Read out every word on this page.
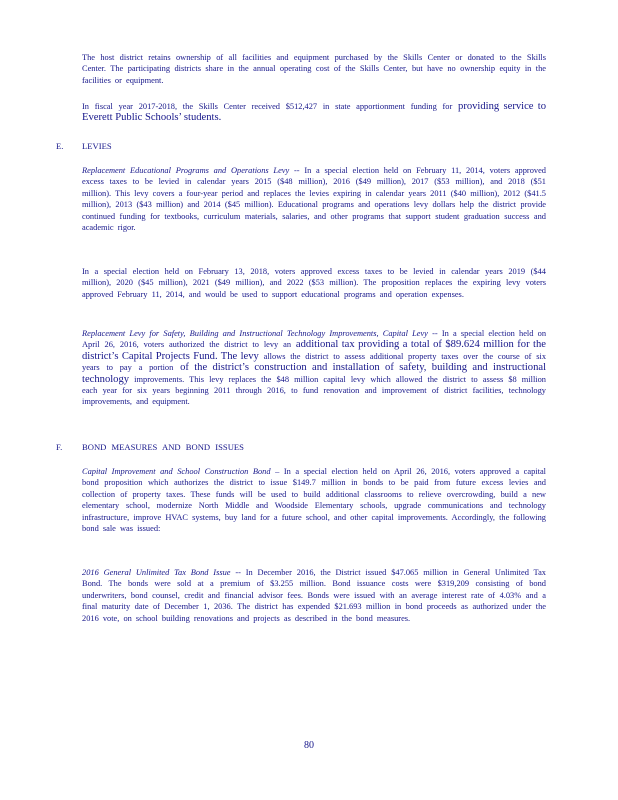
The host district retains ownership of all facilities and equipment purchased by the Skills Center or donated to the Skills Center. The participating districts share in the annual operating cost of the Skills Center, but have no ownership equity in the facilities or equipment.

In fiscal year 2017-2018, the Skills Center received $512,427 in state apportionment funding for providing service to Everett Public Schools’ students.

E. LEVIES

Replacement Educational Programs and Operations Levy -- In a special election held on February 11, 2014, voters approved excess taxes to be levied in calendar years 2015 ($48 million), 2016 ($49 million), 2017 ($53 million), and 2018 ($51 million). This levy covers a four-year period and replaces the levies expiring in calendar years 2011 ($40 million), 2012 ($41.5 million), 2013 ($43 million) and 2014 ($45 million). Educational programs and operations levy dollars help the district provide continued funding for textbooks, curriculum materials, salaries, and other programs that support student graduation success and academic rigor.

In a special election held on February 13, 2018, voters approved excess taxes to be levied in calendar years 2019 ($44 million), 2020 ($45 million), 2021 ($49 million), and 2022 ($53 million). The proposition replaces the expiring levy voters approved February 11, 2014, and would be used to support educational programs and operation expenses.

Replacement Levy for Safety, Building and Instructional Technology Improvements, Capital Levy -- In a special election held on April 26, 2016, voters authorized the district to levy an additional tax providing a total of $89.624 million for the district’s Capital Projects Fund. The levy allows the district to assess additional property taxes over the course of six years to pay a portion of the district’s construction and installation of safety, building and instructional technology improvements. This levy replaces the $48 million capital levy which allowed the district to assess $8 million each year for six years beginning 2011 through 2016, to fund renovation and improvement of district facilities, technology improvements, and equipment.

F. BOND MEASURES AND BOND ISSUES

Capital Improvement and School Construction Bond – In a special election held on April 26, 2016, voters approved a capital bond proposition which authorizes the district to issue $149.7 million in bonds to be paid from future excess levies and collection of property taxes. These funds will be used to build additional classrooms to relieve overcrowding, build a new elementary school, modernize North Middle and Woodside Elementary schools, upgrade communications and technology infrastructure, improve HVAC systems, buy land for a future school, and other capital improvements. Accordingly, the following bond sale was issued:

2016 General Unlimited Tax Bond Issue -- In December 2016, the District issued $47.065 million in General Unlimited Tax Bond. The bonds were sold at a premium of $3.255 million. Bond issuance costs were $319,209 consisting of bond underwriters, bond counsel, credit and financial advisor fees. Bonds were issued with an average interest rate of 4.03% and a final maturity date of December 1, 2036. The district has expended $21.693 million in bond proceeds as authorized under the 2016 vote, on school building renovations and projects as described in the bond measures.

80
